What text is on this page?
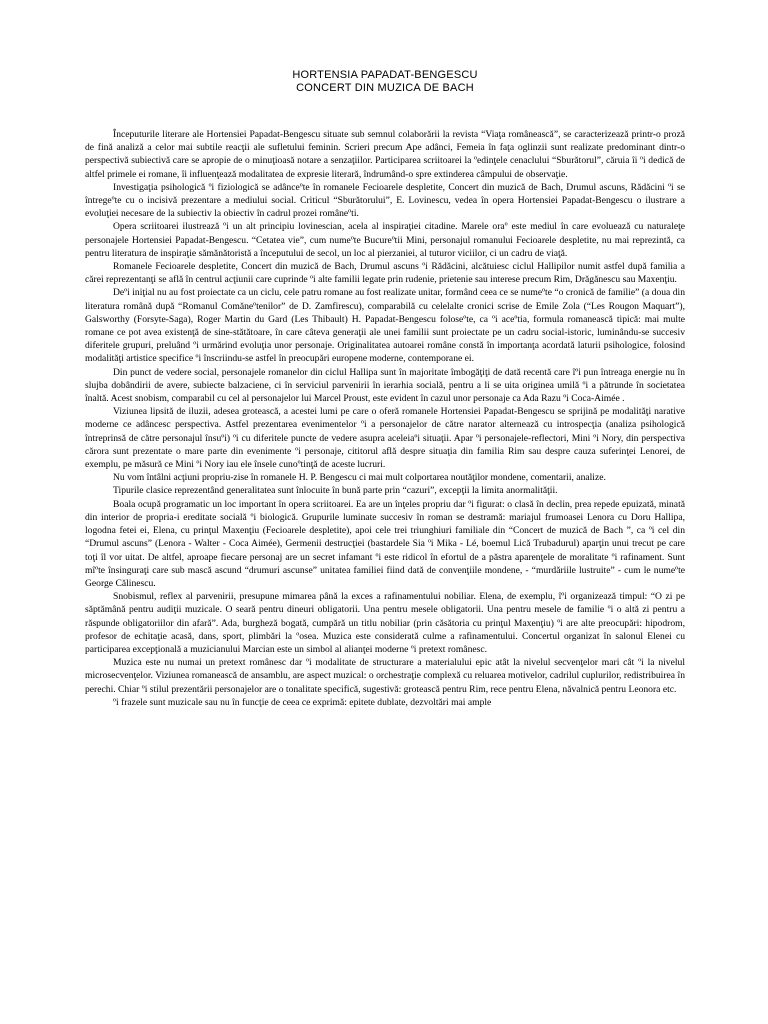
HORTENSIA PAPADAT-BENGESCU
CONCERT DIN MUZICA DE BACH

Începuturile literare ale Hortensiei Papadat-Bengescu situate sub semnul colaborării la revista “Viaţa românească”, se caracterizează printr-o proză de fină analiză a celor mai subtile reacţii ale sufletului feminin. Scrieri precum Ape adânci, Femeia în faţa oglinzii sunt realizate predominant dintr-o perspectivă subiectivă care se apropie de o minuţioasă notare a senzaţiilor. Participarea scriitoarei la ºedinţele cenaclului “Sburătorul”, căruia îi ºi dedică de altfel primele ei romane, îi influenţează modalitatea de expresie literară, îndrumând-o spre extinderea câmpului de observaţie.

Investigaţia psihologică ºi fiziologică se adânceºte în romanele Fecioarele despletite, Concert din muzică de Bach, Drumul ascuns, Rădăcini ºi se întregeºte cu o incisivă prezentare a mediului social. Criticul “Sburătorului”, E. Lovinescu, vedea în opera Hortensiei Papadat-Bengescu o ilustrare a evoluţiei necesare de la subiectiv la obiectiv în cadrul prozei româneºti.

Opera scriitoarei ilustrează ºi un alt principiu lovinescian, acela al inspiraţiei citadine. Marele oraº este mediul în care evoluează cu naturaleţe personajele Hortensiei Papadat-Bengescu. “Cetatea vie”, cum numeºte Bucureºtii Mini, personajul romanului Fecioarele despletite, nu mai reprezintă, ca pentru literatura de inspiraţie sămănătoristă a începutului de secol, un loc al pierzaniei, al tuturor viciilor, ci un cadru de viaţă.

Romanele Fecioarele despletite, Concert din muzică de Bach, Drumul ascuns ºi Rădăcini, alcătuiesc ciclul Hallipilor numit astfel după familia a cărei reprezentanţi se află în centrul acţiunii care cuprinde ºi alte familii legate prin rudenie, prietenie sau interese precum Rim, Drăgănescu sau Maxenţiu.

Deºi iniţial nu au fost proiectate ca un ciclu, cele patru romane au fost realizate unitar, formând ceea ce se numeºte “o cronică de familie” (a doua din literatura română după “Romanul Comăneºtenilor” de D. Zamfirescu), comparabilă cu celelalte cronici scrise de Emile Zola (“Les Rougon Maquart”), Galsworthy (Forsyte-Saga), Roger Martin du Gard (Les Thibault) H. Papadat-Bengescu foloseºte, ca ºi aceºtia, formula romanească tipică: mai multe romane ce pot avea existenţă de sine-stătătoare, în care câteva generaţii ale unei familii sunt proiectate pe un cadru social-istoric, luminându-se succesiv diferitele grupuri, preluând ºi urmărind evoluţia unor personaje. Originalitatea autoarei române constă în importanţa acordată laturii psihologice, folosind modalităţi artistice specifice ºi înscriindu-se astfel în preocupări europene moderne, contemporane ei.

Din punct de vedere social, personajele romanelor din ciclul Hallipa sunt în majoritate îmbogăţiţi de dată recentă care îºi pun întreaga energie nu în slujba dobândirii de avere, subiecte balzaciene, ci în serviciul parvenirii în ierarhia socială, pentru a li se uita originea umilă ºi a pătrunde în societatea înaltă. Acest snobism, comparabil cu cel al personajelor lui Marcel Proust, este evident în cazul unor personaje ca Ada Razu ºi Coca-Aimée .

Viziunea lipsită de iluzii, adesea grotească, a acestei lumi pe care o oferă romanele Hortensiei Papadat-Bengescu se sprijină pe modalităţi narative moderne ce adâncesc perspectiva. Astfel prezentarea evenimentelor ºi a personajelor de către narator alternează cu introspecţia (analiza psihologică întreprinsă de către personajul însuºi) ºi cu diferitele puncte de vedere asupra aceleiaºi situaţii. Apar ºi personajele-reflectori, Mini ºi Nory, din perspectiva cărora sunt prezentate o mare parte din evenimente ºi personaje, cititorul află despre situaţia din familia Rim sau despre cauza suferinţei Lenorei, de exemplu, pe măsură ce Mini ºi Nory iau ele însele cunoºtinţă de aceste lucruri.

Nu vom întâlni acţiuni propriu-zise în romanele H. P. Bengescu ci mai mult colportarea noutăţilor mondene, comentarii, analize.

Tipurile clasice reprezentând generalitatea sunt înlocuite în bună parte prin “cazuri”, excepţii la limita anormalităţii.

Boala ocupă programatic un loc important în opera scriitoarei. Ea are un înţeles propriu dar ºi figurat: o clasă în declin, prea repede epuizată, minată din interior de propria-i ereditate socială ºi biologică. Grupurile luminate succesiv în roman se destramă: mariajul frumoasei Lenora cu Doru Hallipa, logodna fetei ei, Elena, cu prinţul Maxenţiu (Fecioarele despletite), apoi cele trei triunghiuri familiale din “Concert de muzică de Bach ”, ca ºi cel din “Drumul ascuns” (Lenora - Walter - Coca Aimée), Germenii destrucţiei (bastardele Sia ºi Mika - Lé, boemul Lică Trubadurul) aparţin unui trecut pe care toţi îl vor uitat. De altfel, aproape fiecare personaj are un secret infamant ºi este ridicol în efortul de a păstra aparenţele de moralitate ºi rafinament. Sunt mîºte însinguraţi care sub mască ascund “drumuri ascunse” unitatea familiei fiind dată de convenţiile mondene, - “murdăriile lustruite” - cum le numeºte George Călinescu.

Snobismul, reflex al parvenirii, presupune mimarea până la exces a rafinamentului nobiliar. Elena, de exemplu, îºi organizează timpul: “O zi pe săptămână pentru audiţii muzicale. O seară pentru dineuri obligatorii. Una pentru mesele obligatorii. Una pentru mesele de familie ºi o altă zi pentru a răspunde obligatoriilor din afară”. Ada, burgheză bogată, cumpără un titlu nobiliar (prin căsătoria cu prinţul Maxenţiu) ºi are alte preocupări: hipodrom, profesor de echitaţie acasă, dans, sport, plimbări la ºosea. Muzica este considerată culme a rafinamentului. Concertul organizat în salonul Elenei cu participarea excepţională a muzicianului Marcian este un simbol al alianţei moderne ºi pretext românesc.

Muzica este nu numai un pretext românesc dar ºi modalitate de structurare a materialului epic atât la nivelul secvenţelor mari cât ºi la nivelul microsecvenţelor. Viziunea romanească de ansamblu, are aspect muzical: o orchestraţie complexă cu reluarea motivelor, cadrilul cuplurilor, redistribuirea în perechi. Chiar ºi stilul prezentării personajelor are o tonalitate specifică, sugestivă: grotească pentru Rim, rece pentru Elena, năvalnică pentru Leonora etc.

ºi frazele sunt muzicale sau nu în funcţie de ceea ce exprimă: epitete dublate, dezvoltări mai ample
